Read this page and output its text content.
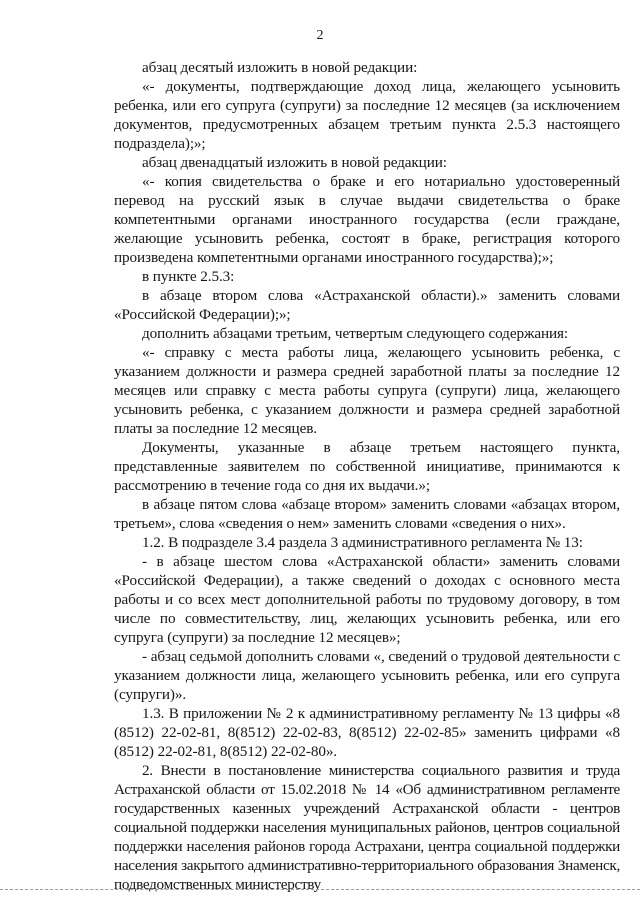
2

абзац десятый изложить в новой редакции:

«- документы, подтверждающие доход лица, желающего усыновить ребенка, или его супруга (супруги) за последние 12 месяцев (за исключением документов, предусмотренных абзацем третьим пункта 2.5.3 настоящего подраздела);»;

абзац двенадцатый изложить в новой редакции:

«- копия свидетельства о браке и его нотариально удостоверенный перевод на русский язык в случае выдачи свидетельства о браке компетентными органами иностранного государства (если граждане, желающие усыновить ребенка, состоят в браке, регистрация которого произведена компетентными органами иностранного государства);»;

в пункте 2.5.3:

в абзаце втором слова «Астраханской области).» заменить словами «Российской Федерации);»;

дополнить абзацами третьим, четвертым следующего содержания:

«- справку с места работы лица, желающего усыновить ребенка, с указанием должности и размера средней заработной платы за последние 12 месяцев или справку с места работы супруга (супруги) лица, желающего усыновить ребенка, с указанием должности и размера средней заработной платы за последние 12 месяцев.

Документы, указанные в абзаце третьем настоящего пункта, представленные заявителем по собственной инициативе, принимаются к рассмотрению в течение года со дня их выдачи.»;

в абзаце пятом слова «абзаце втором» заменить словами «абзацах втором, третьем», слова «сведения о нем» заменить словами «сведения о них».

1.2. В подразделе 3.4 раздела 3 административного регламента № 13:

- в абзаце шестом слова «Астраханской области» заменить словами «Российской Федерации), а также сведений о доходах с основного места работы и со всех мест дополнительной работы по трудовому договору, в том числе по совместительству, лиц, желающих усыновить ребенка, или его супруга (супруги) за последние 12 месяцев»;

- абзац седьмой дополнить словами «, сведений о трудовой деятельности с указанием должности лица, желающего усыновить ребенка, или его супруга (супруги)».

1.3. В приложении № 2 к административному регламенту № 13 цифры «8 (8512) 22-02-81, 8(8512) 22-02-83, 8(8512) 22-02-85» заменить цифрами «8 (8512) 22-02-81, 8(8512) 22-02-80».

2. Внести в постановление министерства социального развития и труда Астраханской области от 15.02.2018 № 14 «Об административном регламенте государственных казенных учреждений Астраханской области - центров социальной поддержки населения муниципальных районов, центров социальной поддержки населения районов города Астрахани, центра социальной поддержки населения закрытого административно-территориального образования Знаменск, подведомственных министерству
